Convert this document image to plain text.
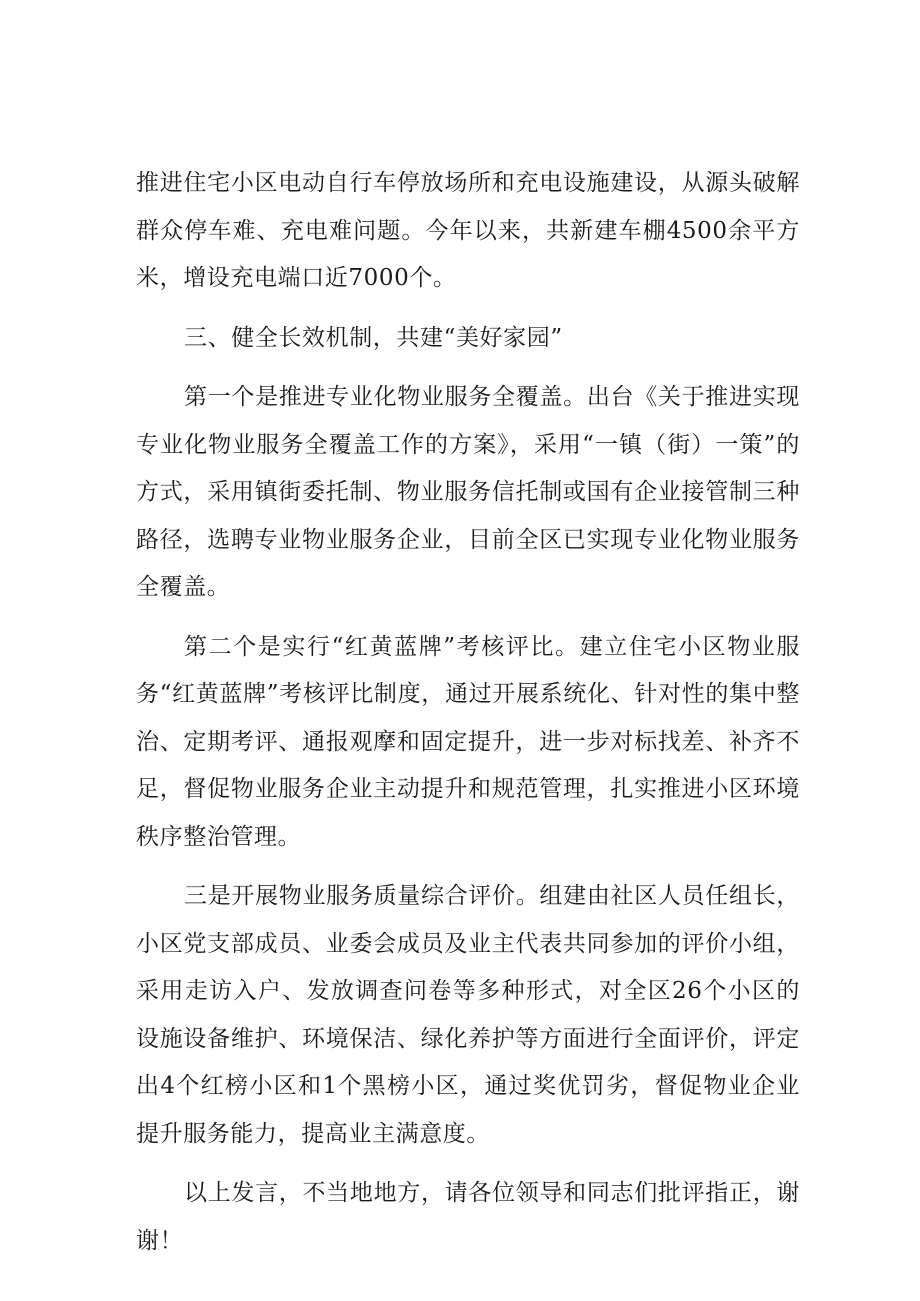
推进住宅小区电动自行车停放场所和充电设施建设，从源头破解群众停车难、充电难问题。今年以来，共新建车棚4500余平方米，增设充电端口近7000个。

三、健全长效机制，共建“美好家园”

第一个是推进专业化物业服务全覆盖。出台《关于推进实现专业化物业服务全覆盖工作的方案》，采用“一镇（街）一策”的方式，采用镇街委托制、物业服务信托制或国有企业接管制三种路径，选聘专业物业服务企业，目前全区已实现专业化物业服务全覆盖。

第二个是实行“红黄蓝牌”考核评比。建立住宅小区物业服务“红黄蓝牌”考核评比制度，通过开展系统化、针对性的集中整治、定期考评、通报观摩和固定提升，进一步对标找差、补齐不足，督促物业服务企业主动提升和规范管理，扎实推进小区环境秩序整治管理。

三是开展物业服务质量综合评价。组建由社区人员任组长，小区党支部成员、业委会成员及业主代表共同参加的评价小组，采用走访入户、发放调查问卷等多种形式，对全区26个小区的设施设备维护、环境保洁、绿化养护等方面进行全面评价，评定出4个红榜小区和1个黑榜小区，通过奖优罚劣，督促物业企业提升服务能力，提高业主满意度。

以上发言，不当地地方，请各位领导和同志们批评指正，谢谢！
